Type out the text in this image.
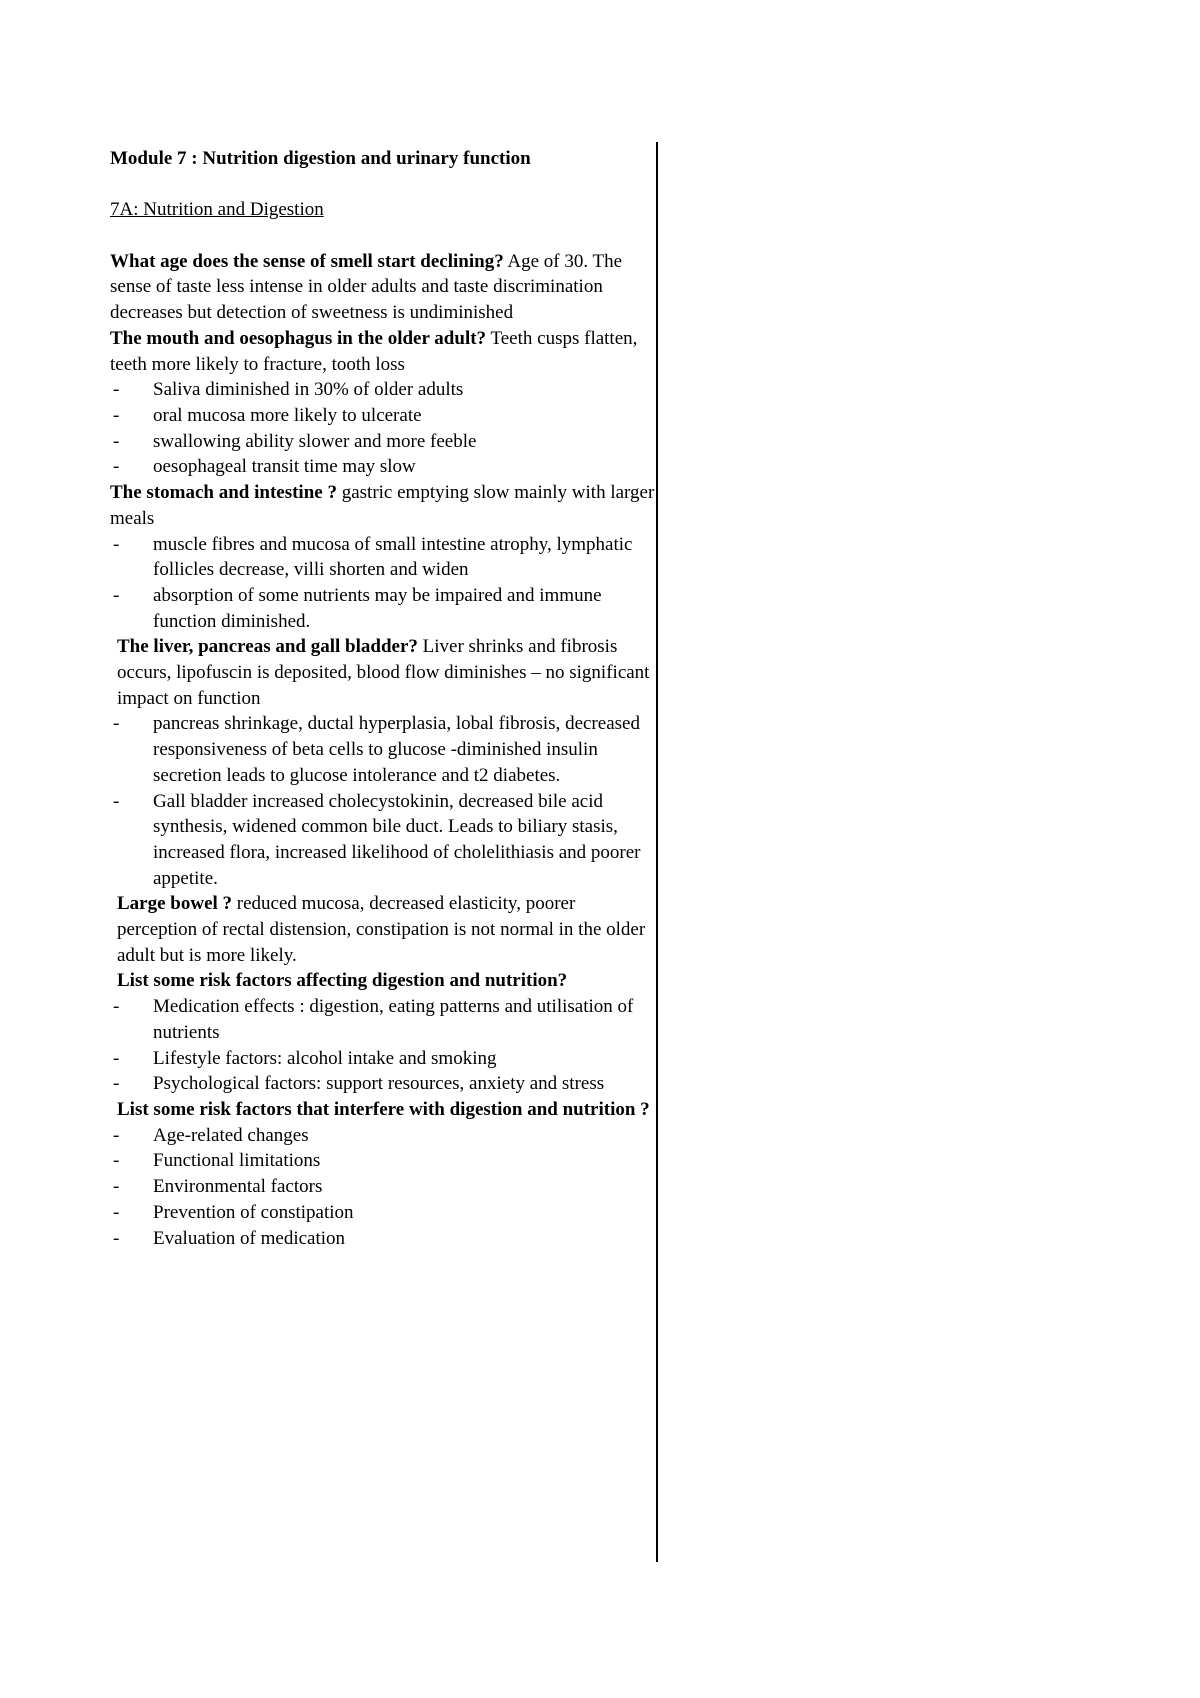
Module 7 : Nutrition digestion and urinary function
7A: Nutrition and Digestion

What age does the sense of smell start declining? Age of 30. The sense of taste less intense in older adults and taste discrimination decreases but detection of sweetness is undiminished

The mouth and oesophagus in the older adult? Teeth cusps flatten, teeth more likely to fracture, tooth loss

- Saliva diminished in 30% of older adults
- oral mucosa more likely to ulcerate
- swallowing ability slower and more feeble
- oesophageal transit time may slow

The stomach and intestine ? gastric emptying slow mainly with larger meals

- muscle fibres and mucosa of small intestine atrophy, lymphatic follicles decrease, villi shorten and widen
- absorption of some nutrients may be impaired and immune function diminished.

The liver, pancreas and gall bladder? Liver shrinks and fibrosis occurs, lipofuscin is deposited, blood flow diminishes – no significant impact on function

- pancreas shrinkage, ductal hyperplasia, lobal fibrosis, decreased responsiveness of beta cells to glucose -diminished insulin secretion leads to glucose intolerance and t2 diabetes.
- Gall bladder increased cholecystokinin, decreased bile acid synthesis, widened common bile duct. Leads to biliary stasis, increased flora, increased likelihood of cholelithiasis and poorer appetite.

Large bowel ? reduced mucosa, decreased elasticity, poorer perception of rectal distension, constipation is not normal in the older adult but is more likely.

List some risk factors affecting digestion and nutrition?

- Medication effects : digestion, eating patterns and utilisation of nutrients
- Lifestyle factors: alcohol intake and smoking
- Psychological factors: support resources, anxiety and stress

List some risk factors that interfere with digestion and nutrition ?

- Age-related changes
- Functional limitations
- Environmental factors
- Prevention of constipation
- Evaluation of medication
